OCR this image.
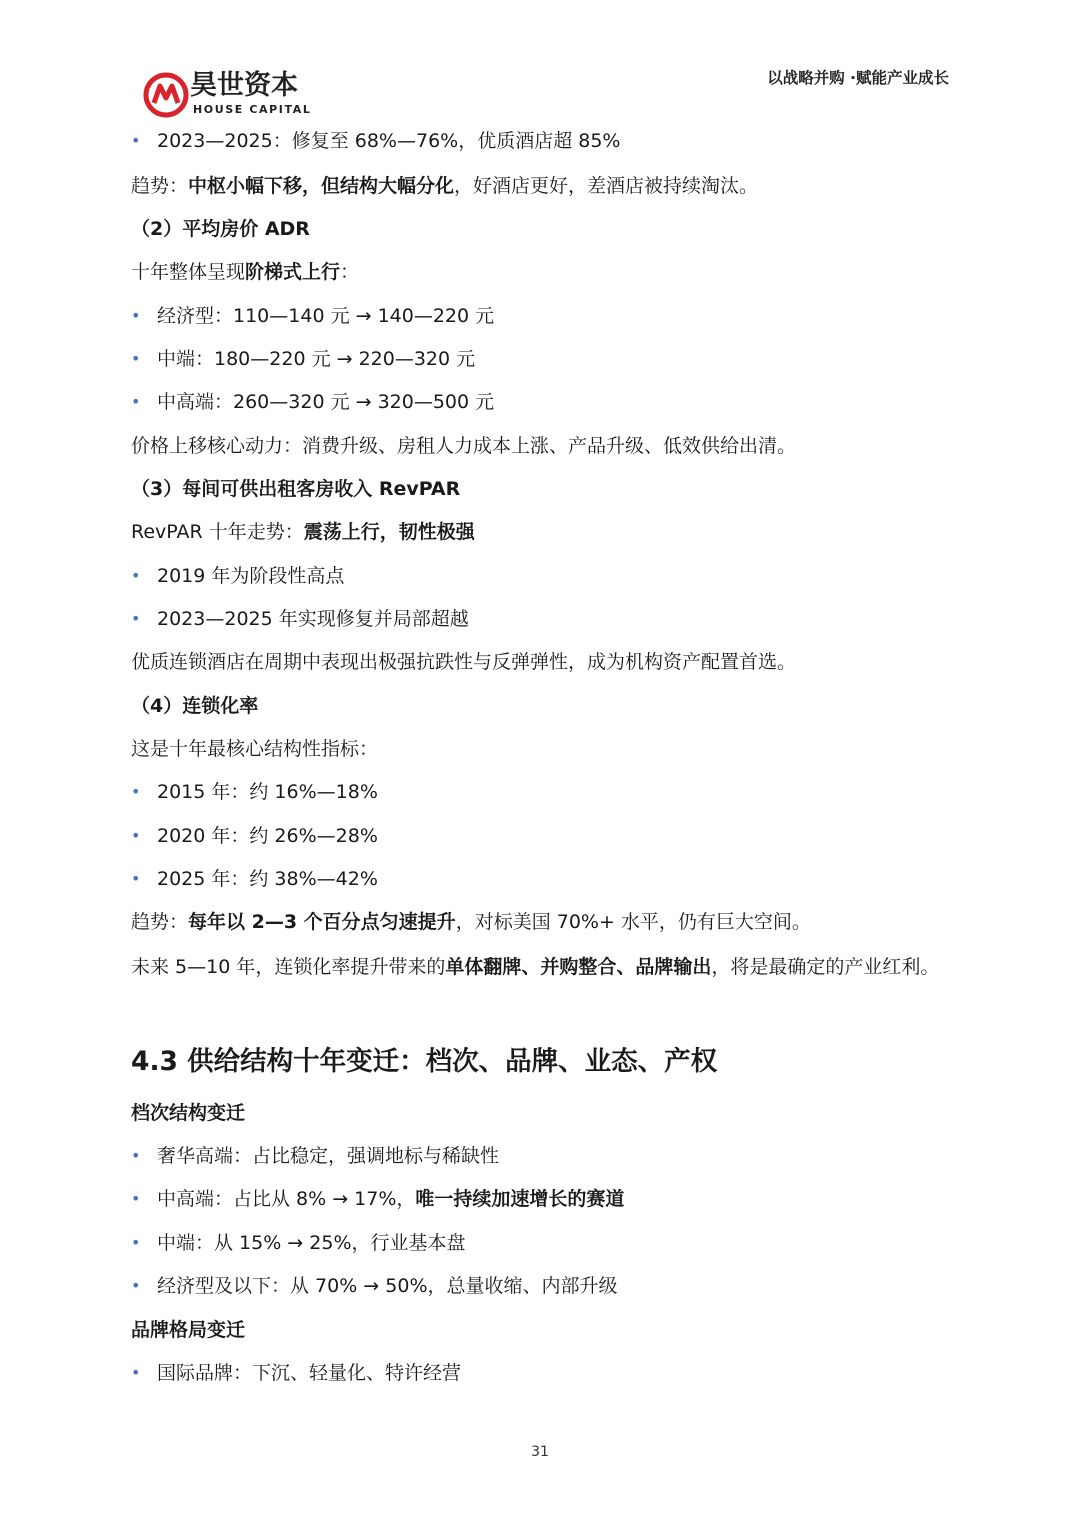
昊世资本
HOUSE CAPITAL
以战略并购 ·赋能产业成长
• 2023—2025：修复至 68%—76%，优质酒店超 85%
趋势：中枢小幅下移，但结构大幅分化，好酒店更好，差酒店被持续淘汰。
（2）平均房价 ADR
十年整体呈现阶梯式上行：
• 经济型：110—140 元 → 140—220 元
• 中端：180—220 元 → 220—320 元
• 中高端：260—320 元 → 320—500 元
价格上移核心动力：消费升级、房租人力成本上涨、产品升级、低效供给出清。
（3）每间可供出租客房收入 RevPAR
RevPAR 十年走势：震荡上行，韧性极强
• 2019 年为阶段性高点
• 2023—2025 年实现修复并局部超越
优质连锁酒店在周期中表现出极强抗跌性与反弹弹性，成为机构资产配置首选。
（4）连锁化率
这是十年最核心结构性指标：
• 2015 年：约 16%—18%
• 2020 年：约 26%—28%
• 2025 年：约 38%—42%
趋势：每年以 2—3 个百分点匀速提升，对标美国 70%+ 水平，仍有巨大空间。
未来 5—10 年，连锁化率提升带来的单体翻牌、并购整合、品牌输出，将是最确定的产业红利。
4.3 供给结构十年变迁：档次、品牌、业态、产权
档次结构变迁
• 奢华高端：占比稳定，强调地标与稀缺性
• 中高端：占比从 8% → 17%，唯一持续加速增长的赛道
• 中端：从 15% → 25%，行业基本盘
• 经济型及以下：从 70% → 50%，总量收缩、内部升级
品牌格局变迁
• 国际品牌：下沉、轻量化、特许经营
31
